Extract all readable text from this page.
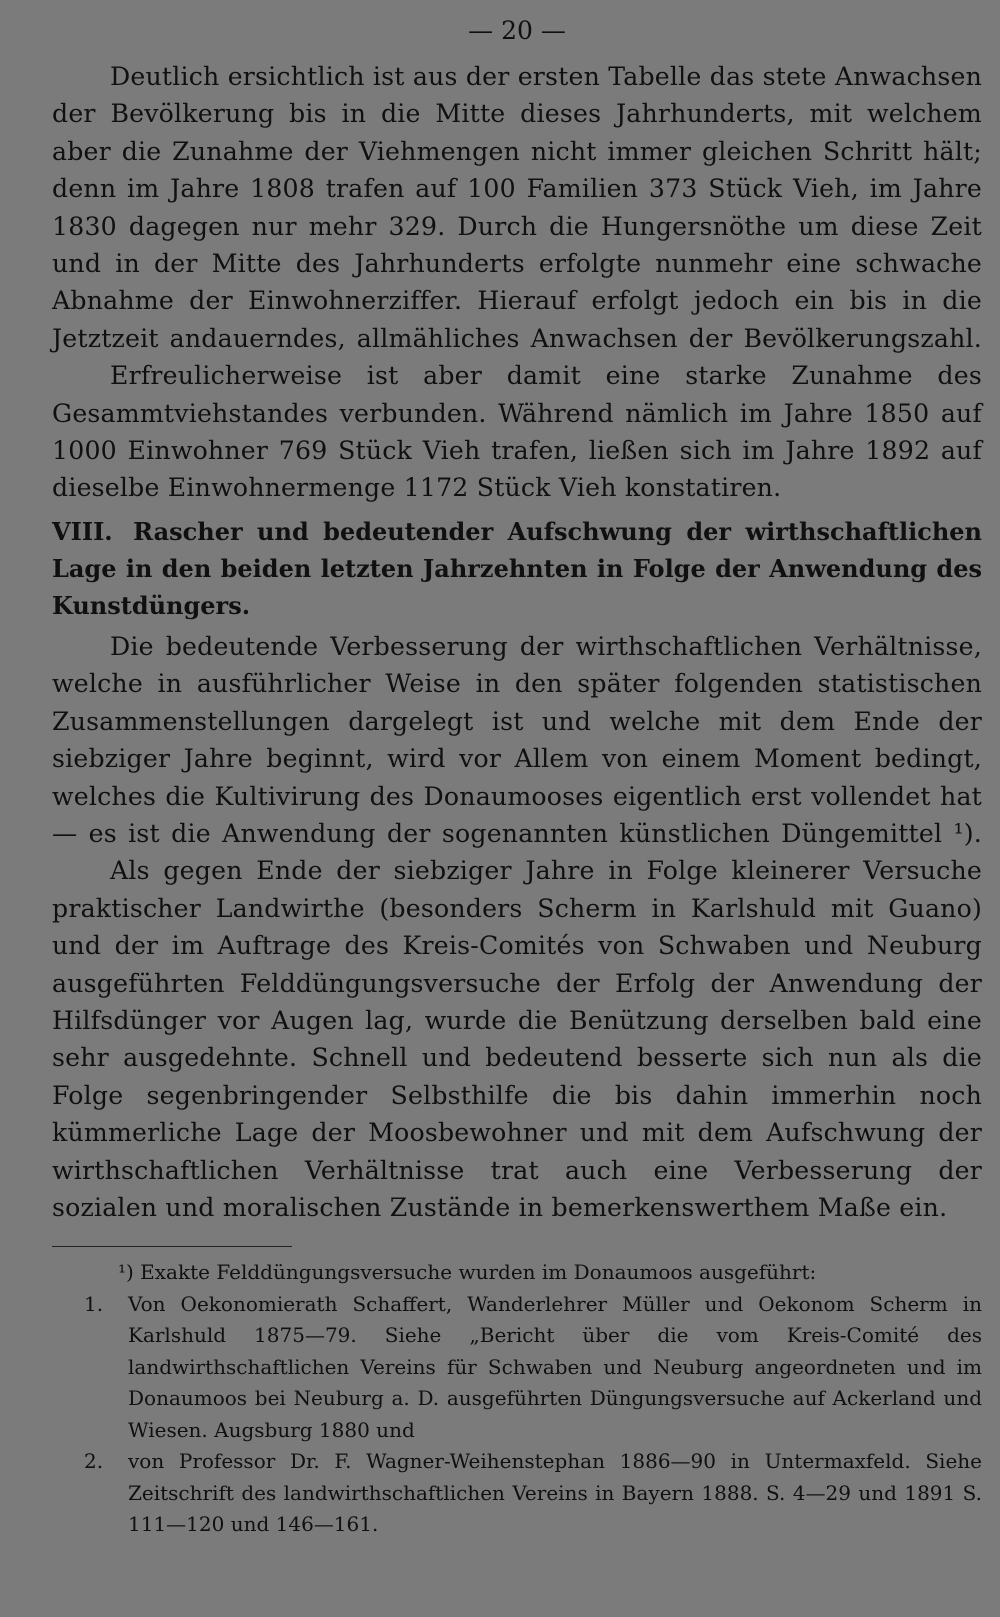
— 20 —

Deutlich ersichtlich ist aus der ersten Tabelle das stete Anwachsen der Bevölkerung bis in die Mitte dieses Jahrhunderts, mit welchem aber die Zunahme der Viehmengen nicht immer gleichen Schritt hält; denn im Jahre 1808 trafen auf 100 Familien 373 Stück Vieh, im Jahre 1830 dagegen nur mehr 329. Durch die Hungersnöthe um diese Zeit und in der Mitte des Jahrhunderts erfolgte nunmehr eine schwache Abnahme der Einwohnerziffer. Hierauf erfolgt jedoch ein bis in die Jetztzeit andauerndes, allmähliches Anwachsen der Bevölkerungszahl.

Erfreulicherweise ist aber damit eine starke Zunahme des Gesammtviehstandes verbunden. Während nämlich im Jahre 1850 auf 1000 Einwohner 769 Stück Vieh trafen, ließen sich im Jahre 1892 auf dieselbe Einwohnermenge 1172 Stück Vieh konstatiren.

VIII. Rascher und bedeutender Aufschwung der wirthschaftlichen Lage in den beiden letzten Jahrzehnten in Folge der Anwendung des Kunstdüngers.

Die bedeutende Verbesserung der wirthschaftlichen Verhältnisse, welche in ausführlicher Weise in den später folgenden statistischen Zusammenstellungen dargelegt ist und welche mit dem Ende der siebziger Jahre beginnt, wird vor Allem von einem Moment bedingt, welches die Kultivirung des Donaumooses eigentlich erst vollendet hat — es ist die Anwendung der sogenannten künstlichen Düngemittel ¹).

Als gegen Ende der siebziger Jahre in Folge kleinerer Versuche praktischer Landwirthe (besonders Scherm in Karlshuld mit Guano) und der im Auftrage des Kreis-Comités von Schwaben und Neuburg ausgeführten Felddüngungsversuche der Erfolg der Anwendung der Hilfsdünger vor Augen lag, wurde die Benützung derselben bald eine sehr ausgedehnte. Schnell und bedeutend besserte sich nun als die Folge segenbringender Selbsthilfe die bis dahin immerhin noch kümmerliche Lage der Moosbewohner und mit dem Aufschwung der wirthschaftlichen Verhältnisse trat auch eine Verbesserung der sozialen und moralischen Zustände in bemerkenswerthem Maße ein.

¹) Exakte Felddüngungsversuche wurden im Donaumoos ausgeführt:
1.	Von Oekonomierath Schaffert, Wanderlehrer Müller und Oekonom Scherm in Karlshuld 1875—79. Siehe „Bericht über die vom Kreis-Comité des landwirthschaftlichen Vereins für Schwaben und Neuburg angeordneten und im Donaumoos bei Neuburg a. D. ausgeführten Düngungsversuche auf Ackerland und Wiesen. Augsburg 1880 und
2.	von Professor Dr. F. Wagner-Weihenstephan 1886—90 in Untermaxfeld. Siehe Zeitschrift des landwirthschaftlichen Vereins in Bayern 1888. S. 4—29 und 1891 S. 111—120 und 146—161.
